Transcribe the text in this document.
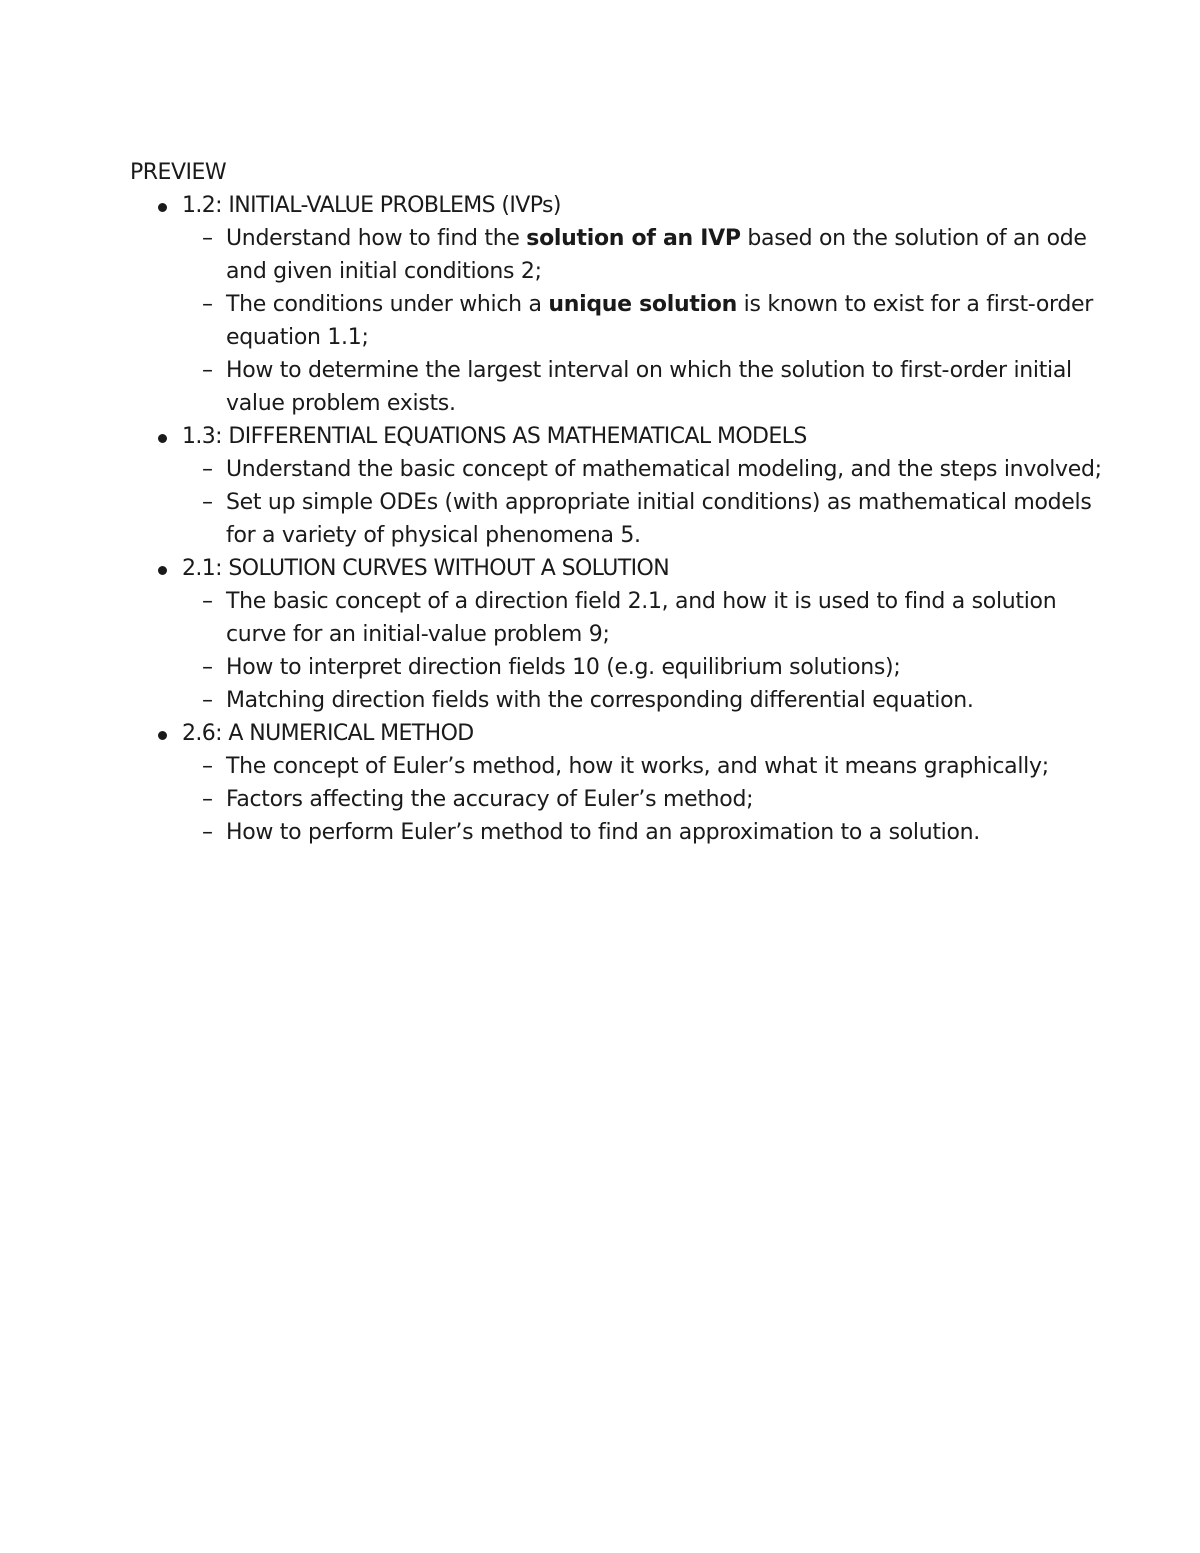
PREVIEW
1.2: INITIAL-VALUE PROBLEMS (IVPs)
– Understand how to find the solution of an IVP based on the solution of an ode and given initial conditions 2;
– The conditions under which a unique solution is known to exist for a first-order equation 1.1;
– How to determine the largest interval on which the solution to first-order initial value problem exists.
1.3: DIFFERENTIAL EQUATIONS AS MATHEMATICAL MODELS
– Understand the basic concept of mathematical modeling, and the steps involved;
– Set up simple ODEs (with appropriate initial conditions) as mathematical models for a variety of physical phenomena 5.
2.1: SOLUTION CURVES WITHOUT A SOLUTION
– The basic concept of a direction field 2.1, and how it is used to find a solution curve for an initial-value problem 9;
– How to interpret direction fields 10 (e.g. equilibrium solutions);
– Matching direction fields with the corresponding differential equation.
2.6: A NUMERICAL METHOD
– The concept of Euler’s method, how it works, and what it means graphically;
– Factors affecting the accuracy of Euler’s method;
– How to perform Euler’s method to find an approximation to a solution.
